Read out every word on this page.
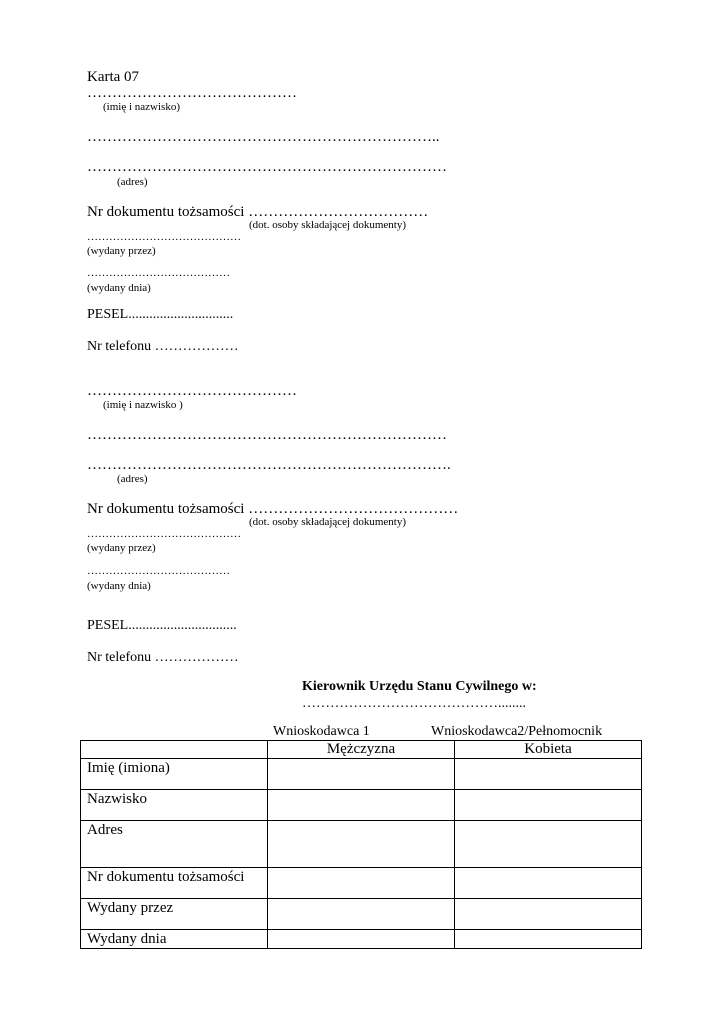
Karta 07
……………………………………
(imię i nazwisko)
……………………………………………………………..
………………………………………………………………
(adres)
Nr dokumentu tożsamości ………………………………
(dot. osoby składającej dokumenty)
……………………………………
(wydany przez)
…………………………………
(wydany dnia)
PESEL..............................
Nr telefonu ………………
……………………………………
(imię i nazwisko )
………………………………………………………………
……………………………………………………………….
(adres)
Nr dokumentu tożsamości ……………………………………
(dot. osoby składającej dokumenty)
……………………………………
(wydany przez)
…………………………………
(wydany dnia)
PESEL...............................
Nr telefonu ………………
Kierownik Urzędu Stanu Cywilnego w:
……………………………………........
Wnioskodawca 1	Wnioskodawca2/Pełnomocnik
	Mężczyzna	Kobieta
Imię (imiona)		
Nazwisko		
Adres		
Nr dokumentu tożsamości		
Wydany przez		
Wydany dnia		
